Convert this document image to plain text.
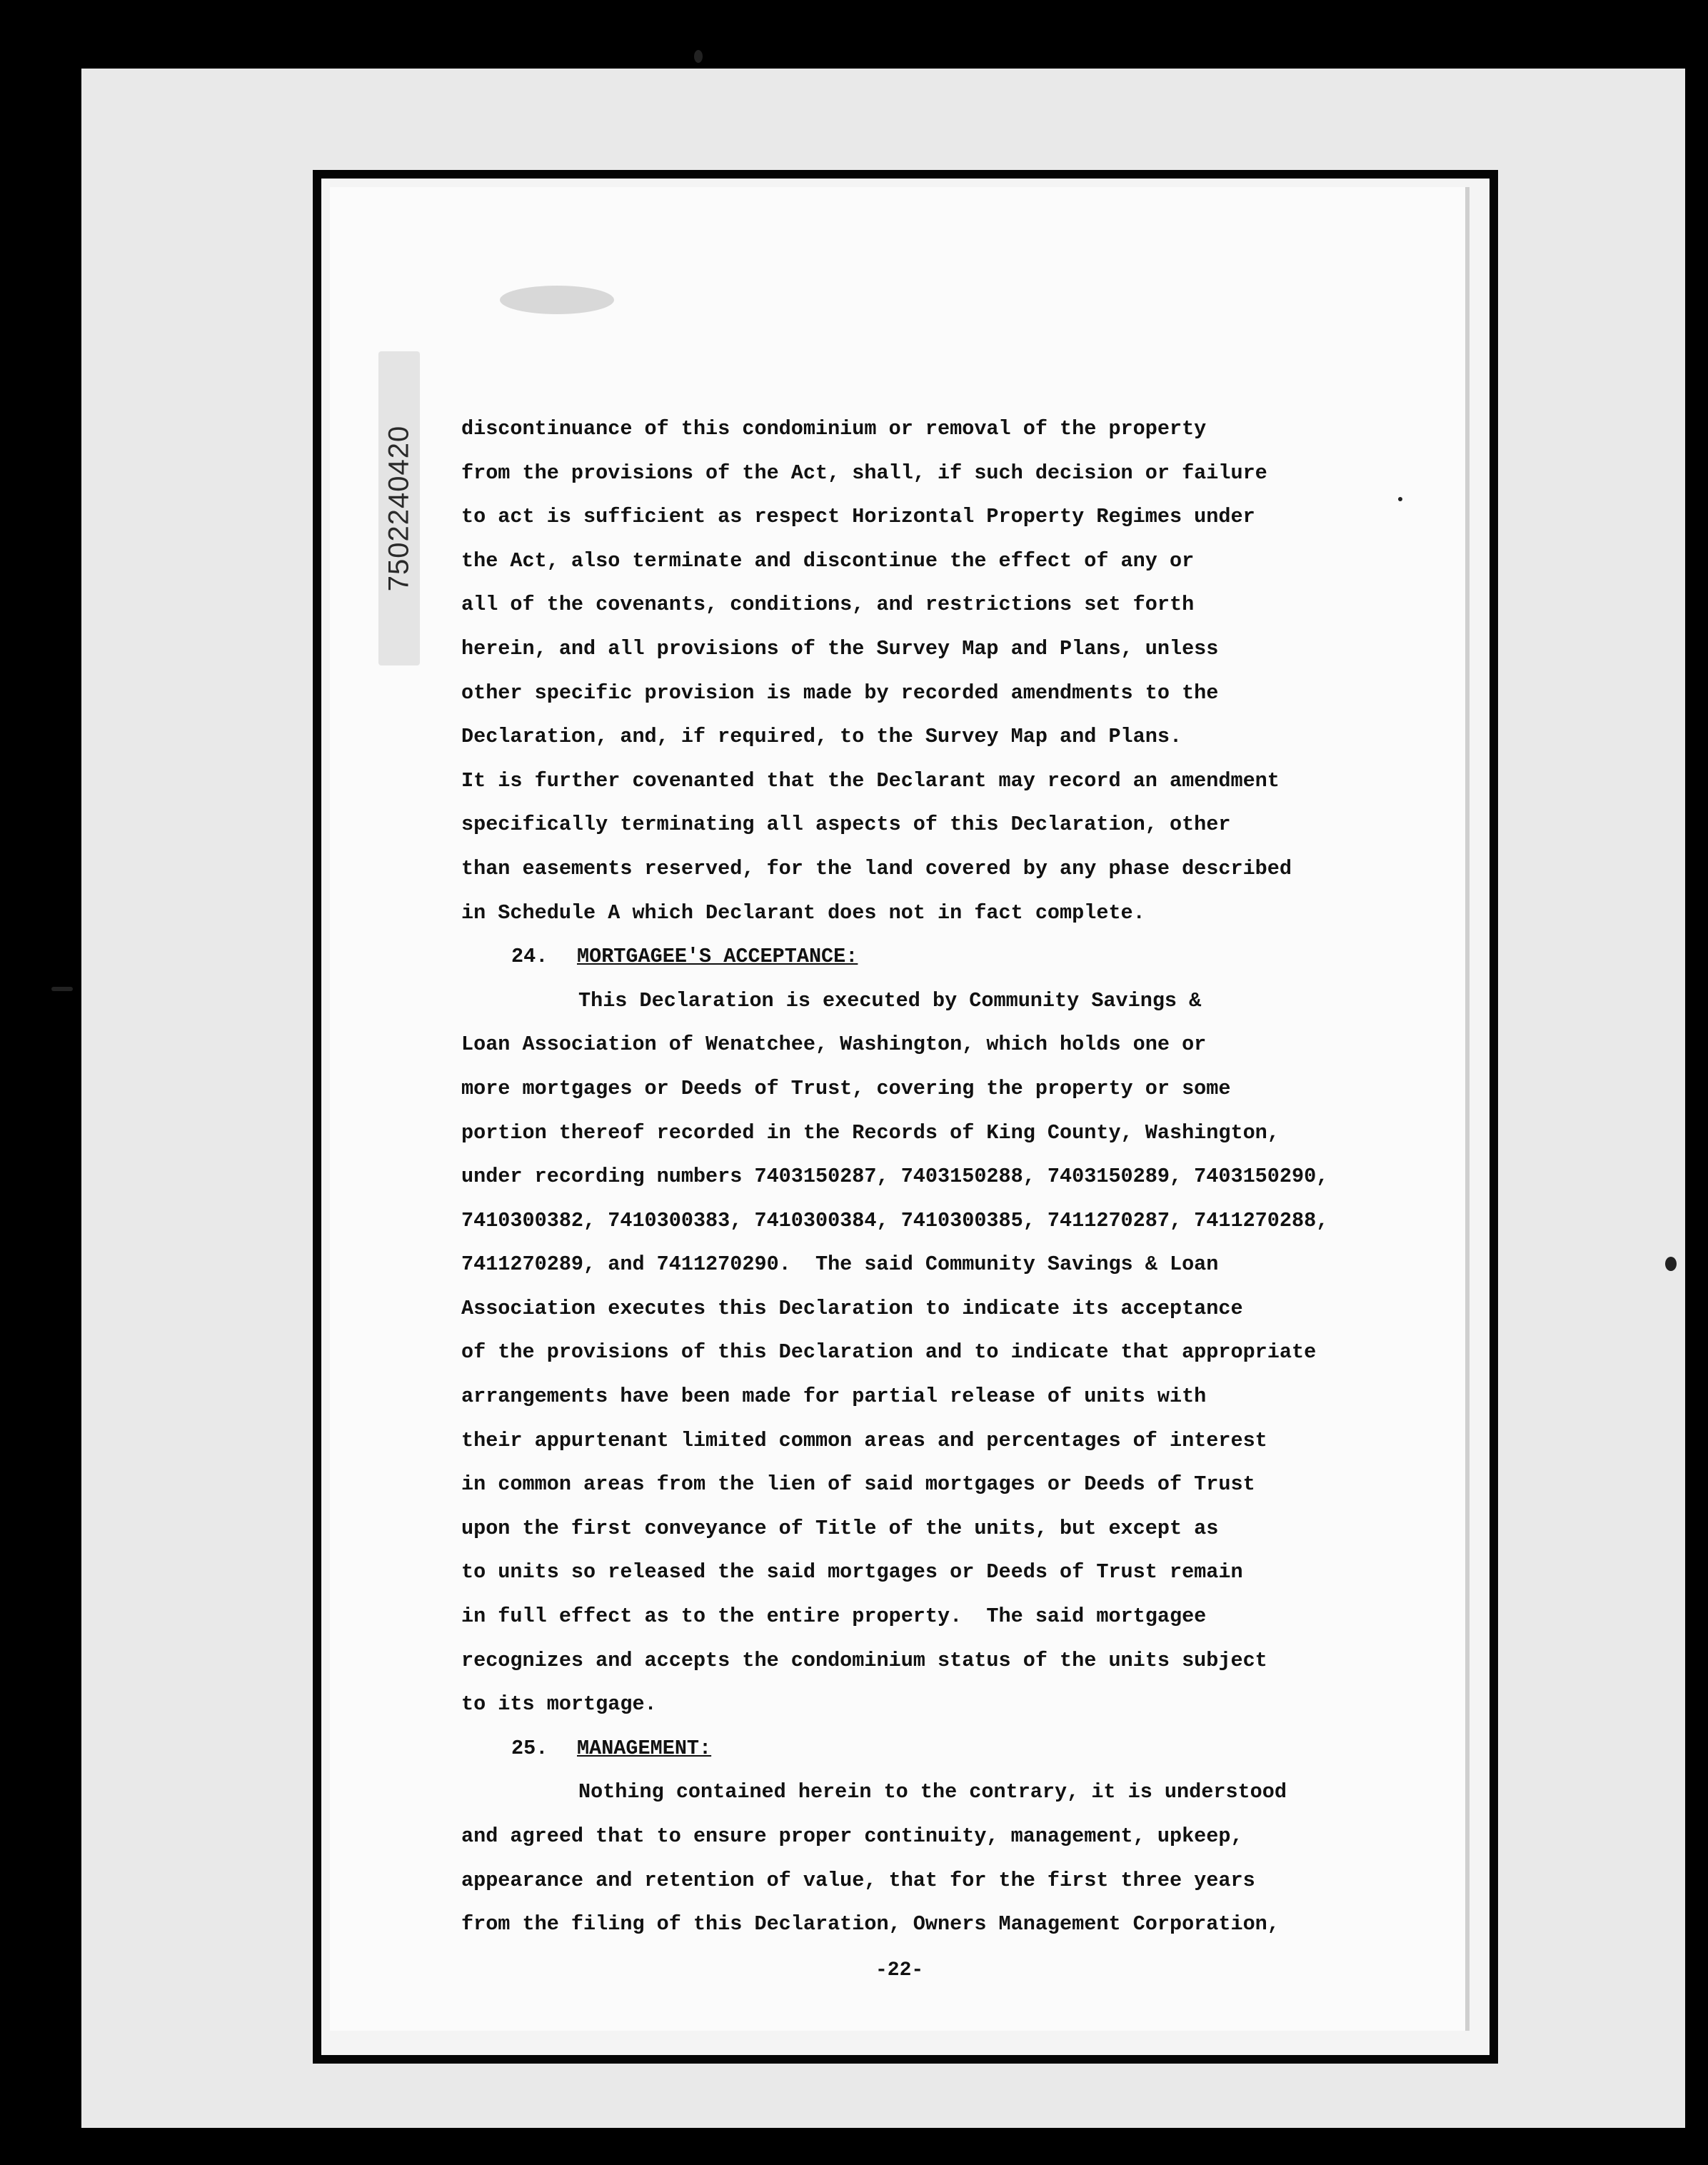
7502240420 discontinuance of this condominium or removal of the property
from the provisions of the Act, shall, if such decision or failure
to act is sufficient as respect Horizontal Property Regimes under
the Act, also terminate and discontinue the effect of any or
all of the covenants, conditions, and restrictions set forth
herein, and all provisions of the Survey Map and Plans, unless
other specific provision is made by recorded amendments to the
Declaration, and, if required, to the Survey Map and Plans.
It is further covenanted that the Declarant may record an amendment
specifically terminating all aspects of this Declaration, other
than easements reserved, for the land covered by any phase described
in Schedule A which Declarant does not in fact complete.
24. MORTGAGEE'S ACCEPTANCE:
This Declaration is executed by Community Savings &
Loan Association of Wenatchee, Washington, which holds one or
more mortgages or Deeds of Trust, covering the property or some
portion thereof recorded in the Records of King County, Washington,
under recording numbers 7403150287, 7403150288, 7403150289, 7403150290,
7410300382, 7410300383, 7410300384, 7410300385, 7411270287, 7411270288,
7411270289, and 7411270290.  The said Community Savings & Loan
Association executes this Declaration to indicate its acceptance
of the provisions of this Declaration and to indicate that appropriate
arrangements have been made for partial release of units with
their appurtenant limited common areas and percentages of interest
in common areas from the lien of said mortgages or Deeds of Trust
upon the first conveyance of Title of the units, but except as
to units so released the said mortgages or Deeds of Trust remain
in full effect as to the entire property.  The said mortgagee
recognizes and accepts the condominium status of the units subject
to its mortgage.
25. MANAGEMENT:
Nothing contained herein to the contrary, it is understood
and agreed that to ensure proper continuity, management, upkeep,
appearance and retention of value, that for the first three years
from the filing of this Declaration, Owners Management Corporation,
-22-
